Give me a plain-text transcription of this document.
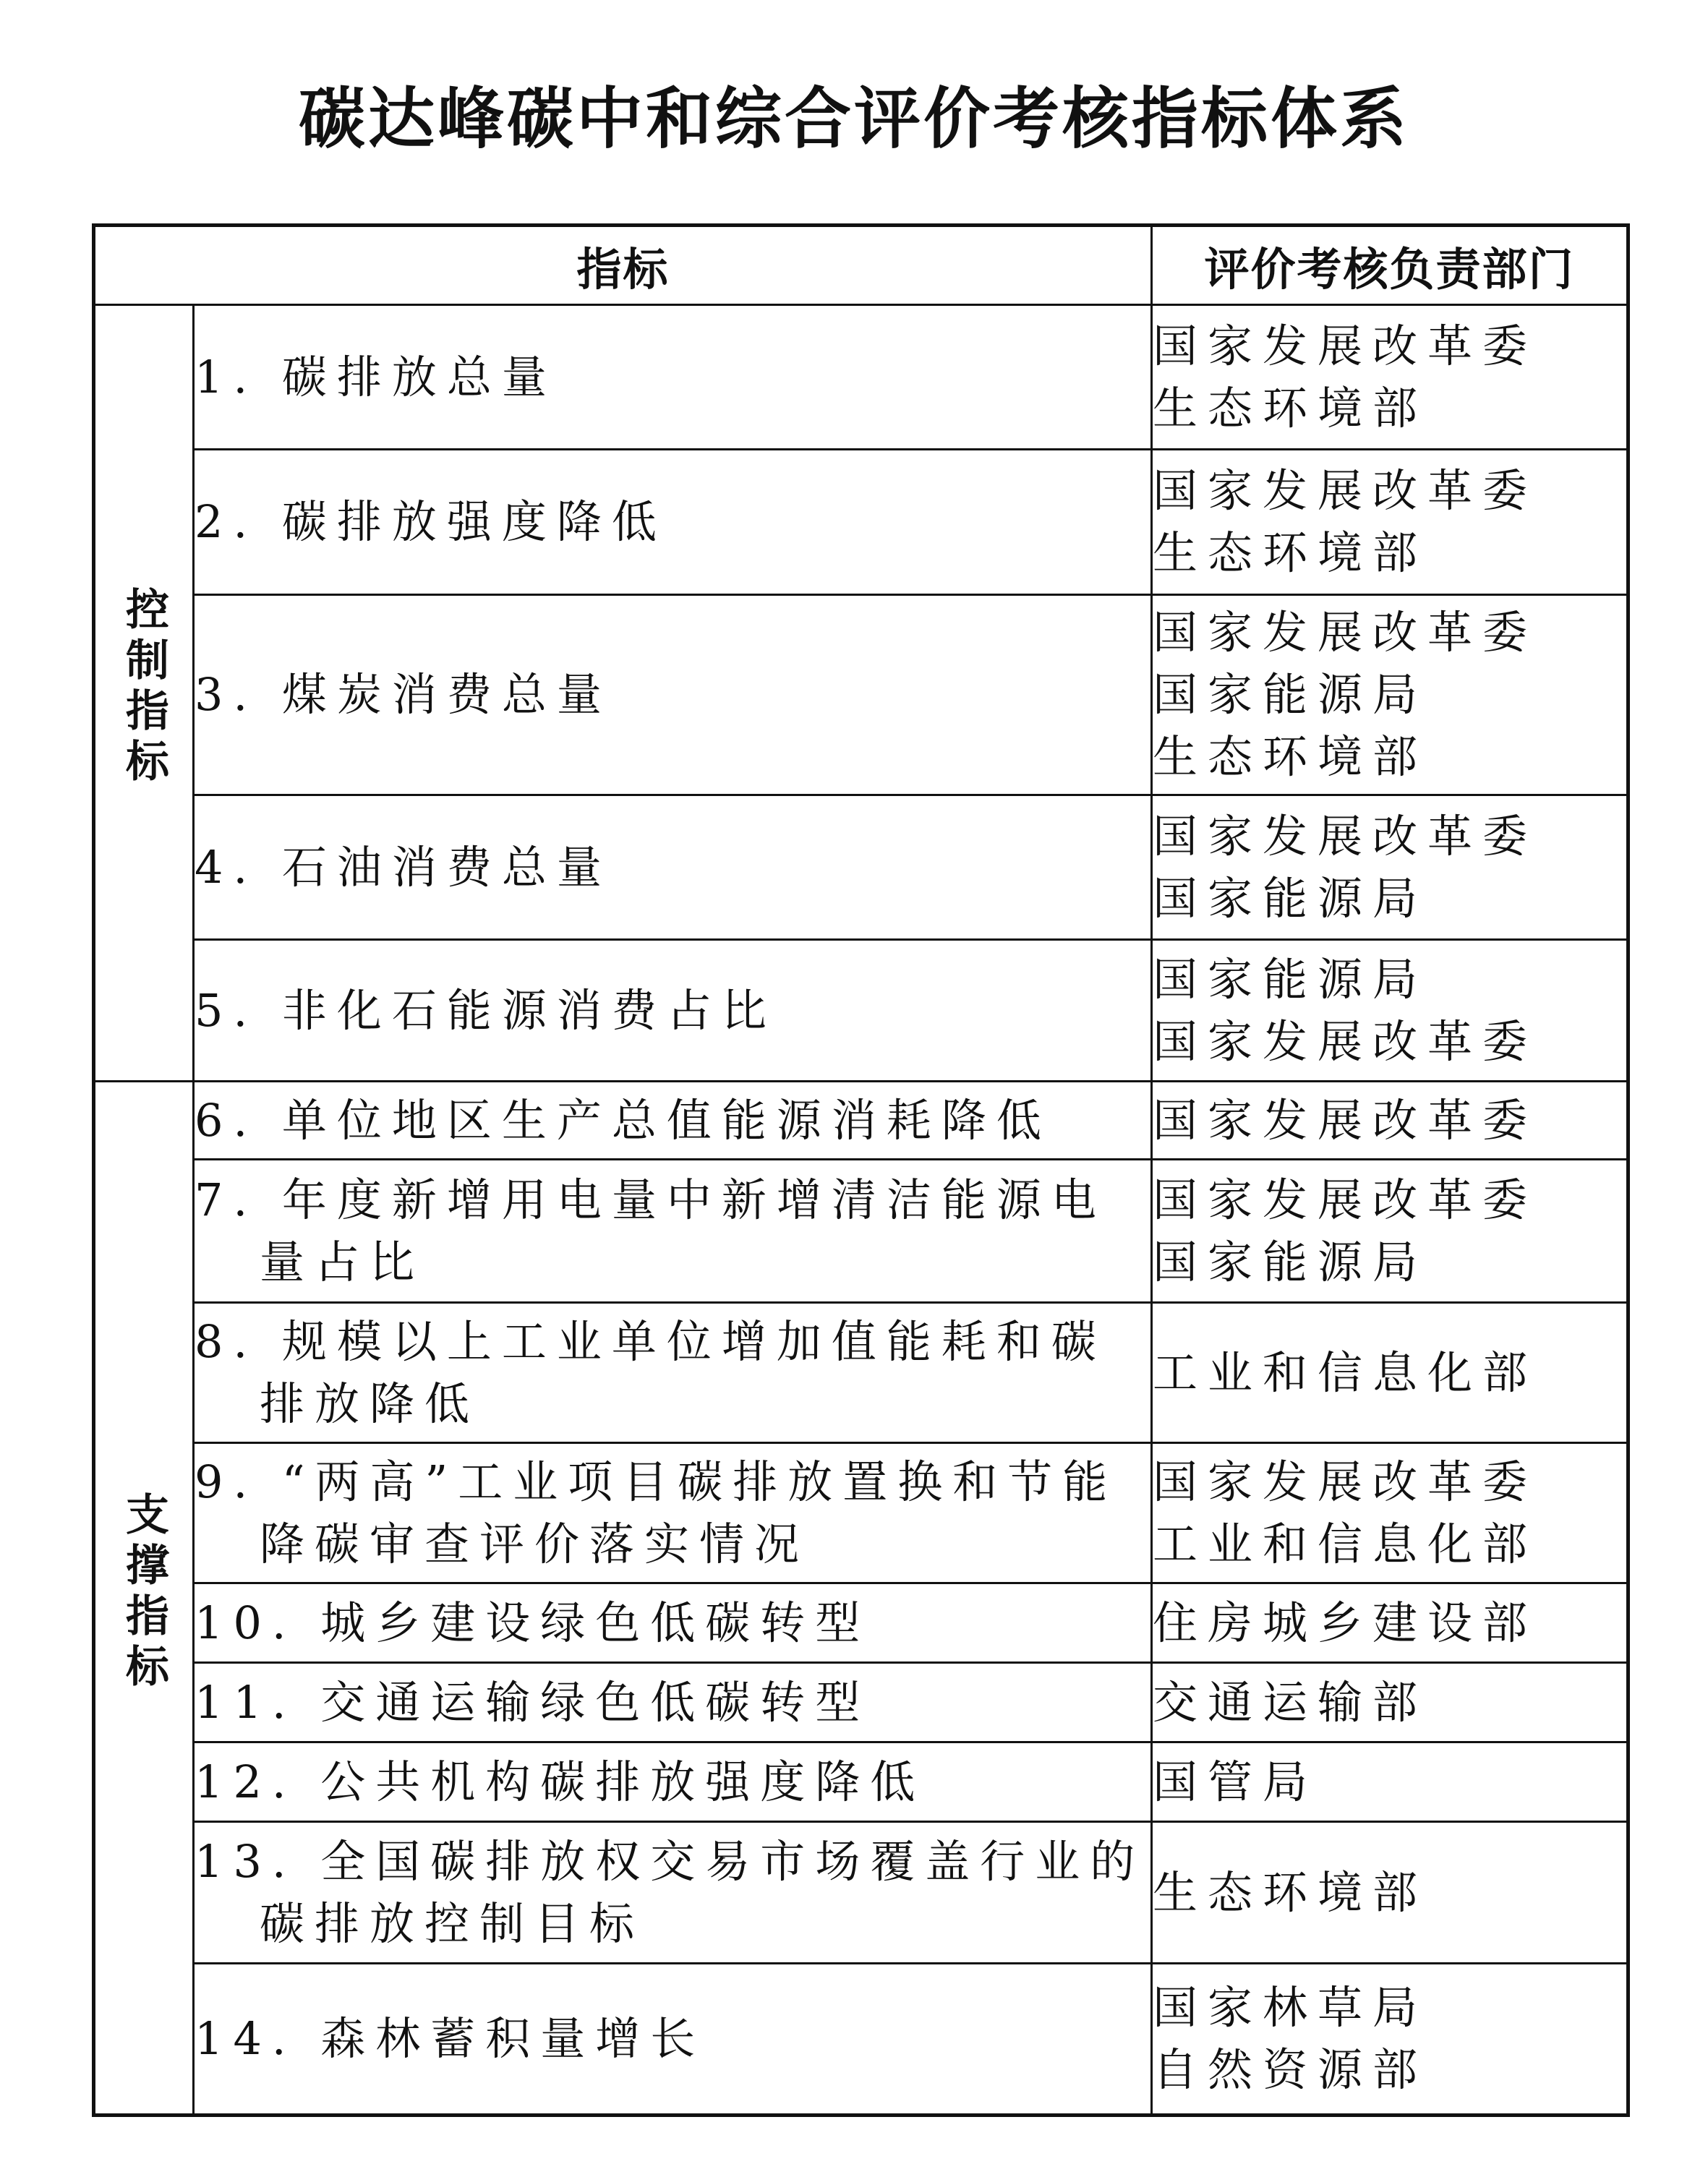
碳达峰碳中和综合评价考核指标体系
指标		评价考核负责部门
控制指标	1. 碳排放总量	国家发展改革委
生态环境部

	2. 碳排放强度降低	国家发展改革委
生态环境部

	3. 煤炭消费总量	国家发展改革委
国家能源局
生态环境部

	4. 石油消费总量	国家发展改革委
国家能源局

	5. 非化石能源消费占比	国家能源局
国家发展改革委

支撑指标	6. 单位地区生产总值能源消耗降低	国家发展改革委

	7. 年度新增用电量中新增清洁能源电量占比	国家发展改革委
国家能源局

	8. 规模以上工业单位增加值能耗和碳排放降低	工业和信息化部

	9. “两高”工业项目碳排放置换和节能降碳审查评价落实情况	国家发展改革委
工业和信息化部

	10. 城乡建设绿色低碳转型	住房城乡建设部

	11. 交通运输绿色低碳转型	交通运输部

	12. 公共机构碳排放强度降低	国管局

	13. 全国碳排放权交易市场覆盖行业的碳排放控制目标	生态环境部

	14. 森林蓄积量增长	国家林草局
自然资源部
